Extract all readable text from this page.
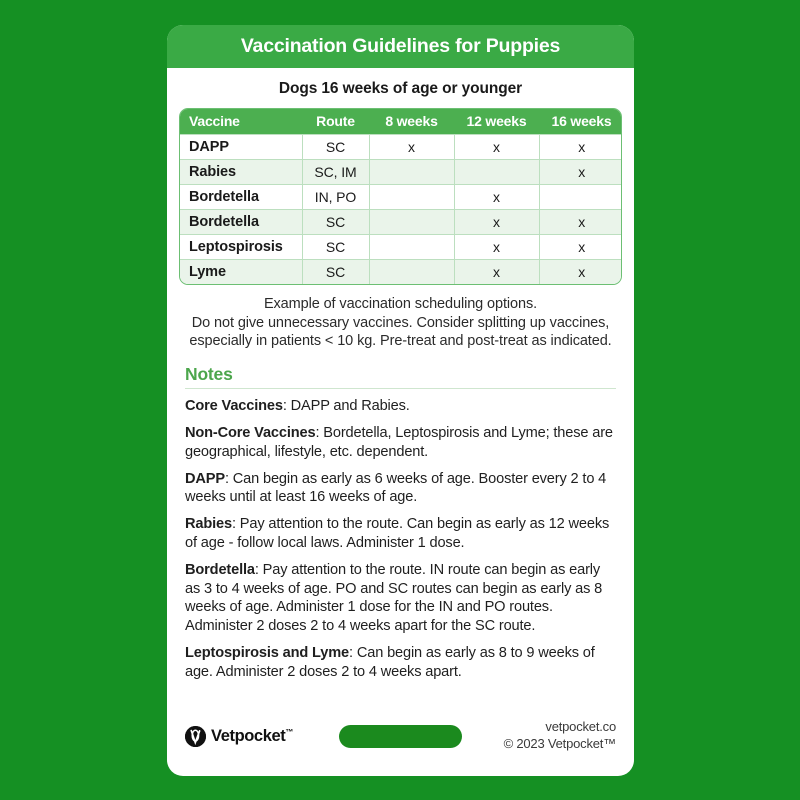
Vaccination Guidelines for Puppies
Dogs 16 weeks of age or younger
Vaccine	Route	8 weeks	12 weeks	16 weeks
DAPP	SC	x	x	x
Rabies	SC, IM			x
Bordetella	IN, PO		x	
Bordetella	SC		x	x
Leptospirosis	SC		x	x
Lyme	SC		x	x
Example of vaccination scheduling options.
Do not give unnecessary vaccines. Consider splitting up vaccines, especially in patients < 10 kg. Pre-treat and post-treat as indicated.
Notes
Core Vaccines: DAPP and Rabies.
Non-Core Vaccines: Bordetella, Leptospirosis and Lyme; these are geographical, lifestyle, etc. dependent.
DAPP: Can begin as early as 6 weeks of age. Booster every 2 to 4 weeks until at least 16 weeks of age.
Rabies: Pay attention to the route. Can begin as early as 12 weeks of age - follow local laws. Administer 1 dose.
Bordetella: Pay attention to the route. IN route can begin as early as 3 to 4 weeks of age. PO and SC routes can begin as early as 8 weeks of age. Administer 1 dose for the IN and PO routes. Administer 2 doses 2 to 4 weeks apart for the SC route.
Leptospirosis and Lyme: Can begin as early as 8 to 9 weeks of age. Administer 2 doses 2 to 4 weeks apart.
Vetpocket™	vetpocket.co
© 2023 Vetpocket™
